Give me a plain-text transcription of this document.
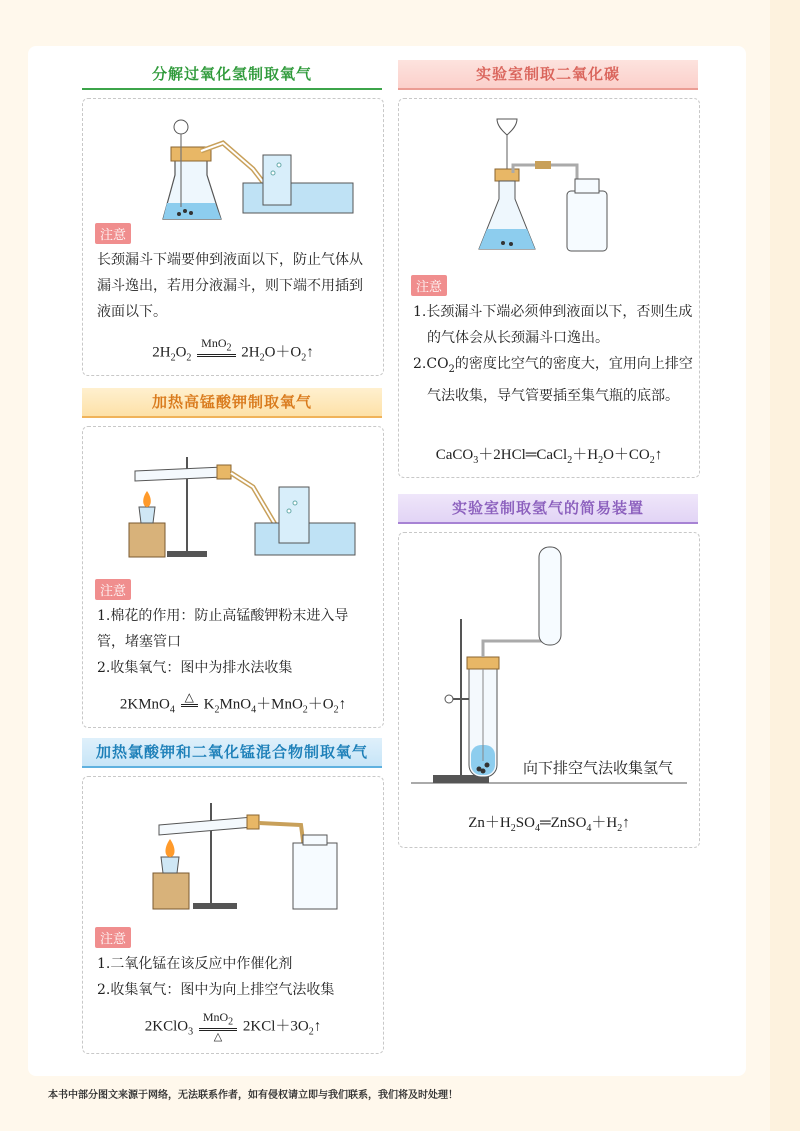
分解过氧化氢制取氧气
注意
长颈漏斗下端要伸到液面以下，防止气体从漏斗逸出，若用分液漏斗，则下端不用插到液面以下。
$2H_2O_2$
MnO$_2$ $2H_2O+O_2↑$
加热高锰酸钾制取氧气
注意
1.棉花的作用：防止高锰酸钾粉末进入导管，堵塞管口
2.收集氧气：图中为排水法收集
2KMnO$_4$
△ $K_2MnO_4+MnO_2+O_2↑$
加热氯酸钾和二氧化锰混合物制取氧气
注意
1.二氧化锰在该反应中作催化剂
2.收集氧气：图中为向上排空气法收集
2KClO$_3$ $\frac{MnO_2}{\triangle}$ $2KCl+3O_2↑$
实验室制取二氧化碳
注意
1.长颈漏斗下端必须伸到液面以下，否则生成的气体会从长颈漏斗口逸出。
$2.CO_2$的密度比空气的密度大，宜用向上排空气法收集，导气管要插至集气瓶的底部。
$CaCO_3+2HCl═CaCl_2+H_2O+CO_2↑$
实验室制取氢气的简易装置
向下排空气法收集氢气
$Zn+H_2SO_4═ZnSO_4+H_2↑$
本书中部分图文来源于网络，无法联系作者，如有侵权请立即与我们联系，我们将及时处理！
